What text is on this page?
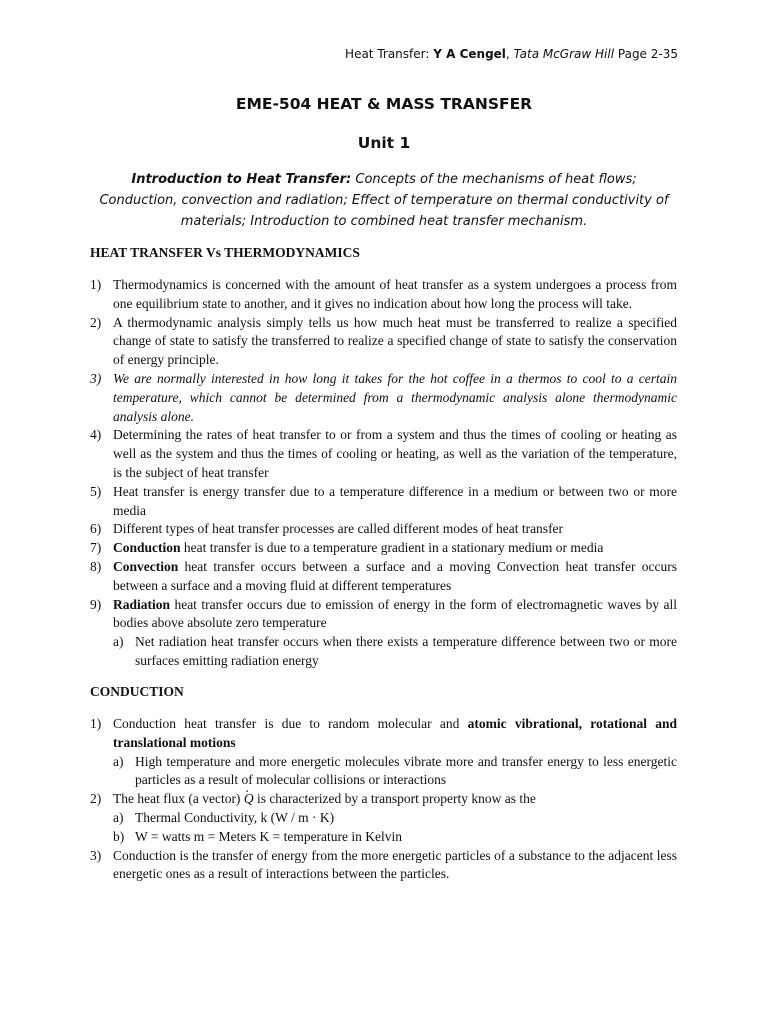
Heat Transfer: Y A Cengel, Tata McGraw Hill Page 2-35
EME-504 HEAT & MASS TRANSFER
Unit 1
Introduction to Heat Transfer: Concepts of the mechanisms of heat flows; Conduction, convection and radiation; Effect of temperature on thermal conductivity of materials; Introduction to combined heat transfer mechanism.
HEAT TRANSFER Vs THERMODYNAMICS
1) Thermodynamics is concerned with the amount of heat transfer as a system undergoes a process from one equilibrium state to another, and it gives no indication about how long the process will take.
2) A thermodynamic analysis simply tells us how much heat must be transferred to realize a specified change of state to satisfy the transferred to realize a specified change of state to satisfy the conservation of energy principle.
3) We are normally interested in how long it takes for the hot coffee in a thermos to cool to a certain temperature, which cannot be determined from a thermodynamic analysis alone thermodynamic analysis alone.
4) Determining the rates of heat transfer to or from a system and thus the times of cooling or heating as well as the system and thus the times of cooling or heating, as well as the variation of the temperature, is the subject of heat transfer
5) Heat transfer is energy transfer due to a temperature difference in a medium or between two or more media
6) Different types of heat transfer processes are called different modes of heat transfer
7) Conduction heat transfer is due to a temperature gradient in a stationary medium or media
8) Convection heat transfer occurs between a surface and a moving Convection heat transfer occurs between a surface and a moving fluid at different temperatures
9) Radiation heat transfer occurs due to emission of energy in the form of electromagnetic waves by all bodies above absolute zero temperature
a) Net radiation heat transfer occurs when there exists a temperature difference between two or more surfaces emitting radiation energy
CONDUCTION
1) Conduction heat transfer is due to random molecular and atomic vibrational, rotational and translational motions
a) High temperature and more energetic molecules vibrate more and transfer energy to less energetic particles as a result of molecular collisions or interactions
2) The heat flux (a vector) Q · is characterized by a transport property know as the
a) Thermal Conductivity, k (W / m · K)
b) W = watts m = Meters K = temperature in Kelvin
3) Conduction is the transfer of energy from the more energetic particles of a substance to the adjacent less energetic ones as a result of interactions between the particles.
